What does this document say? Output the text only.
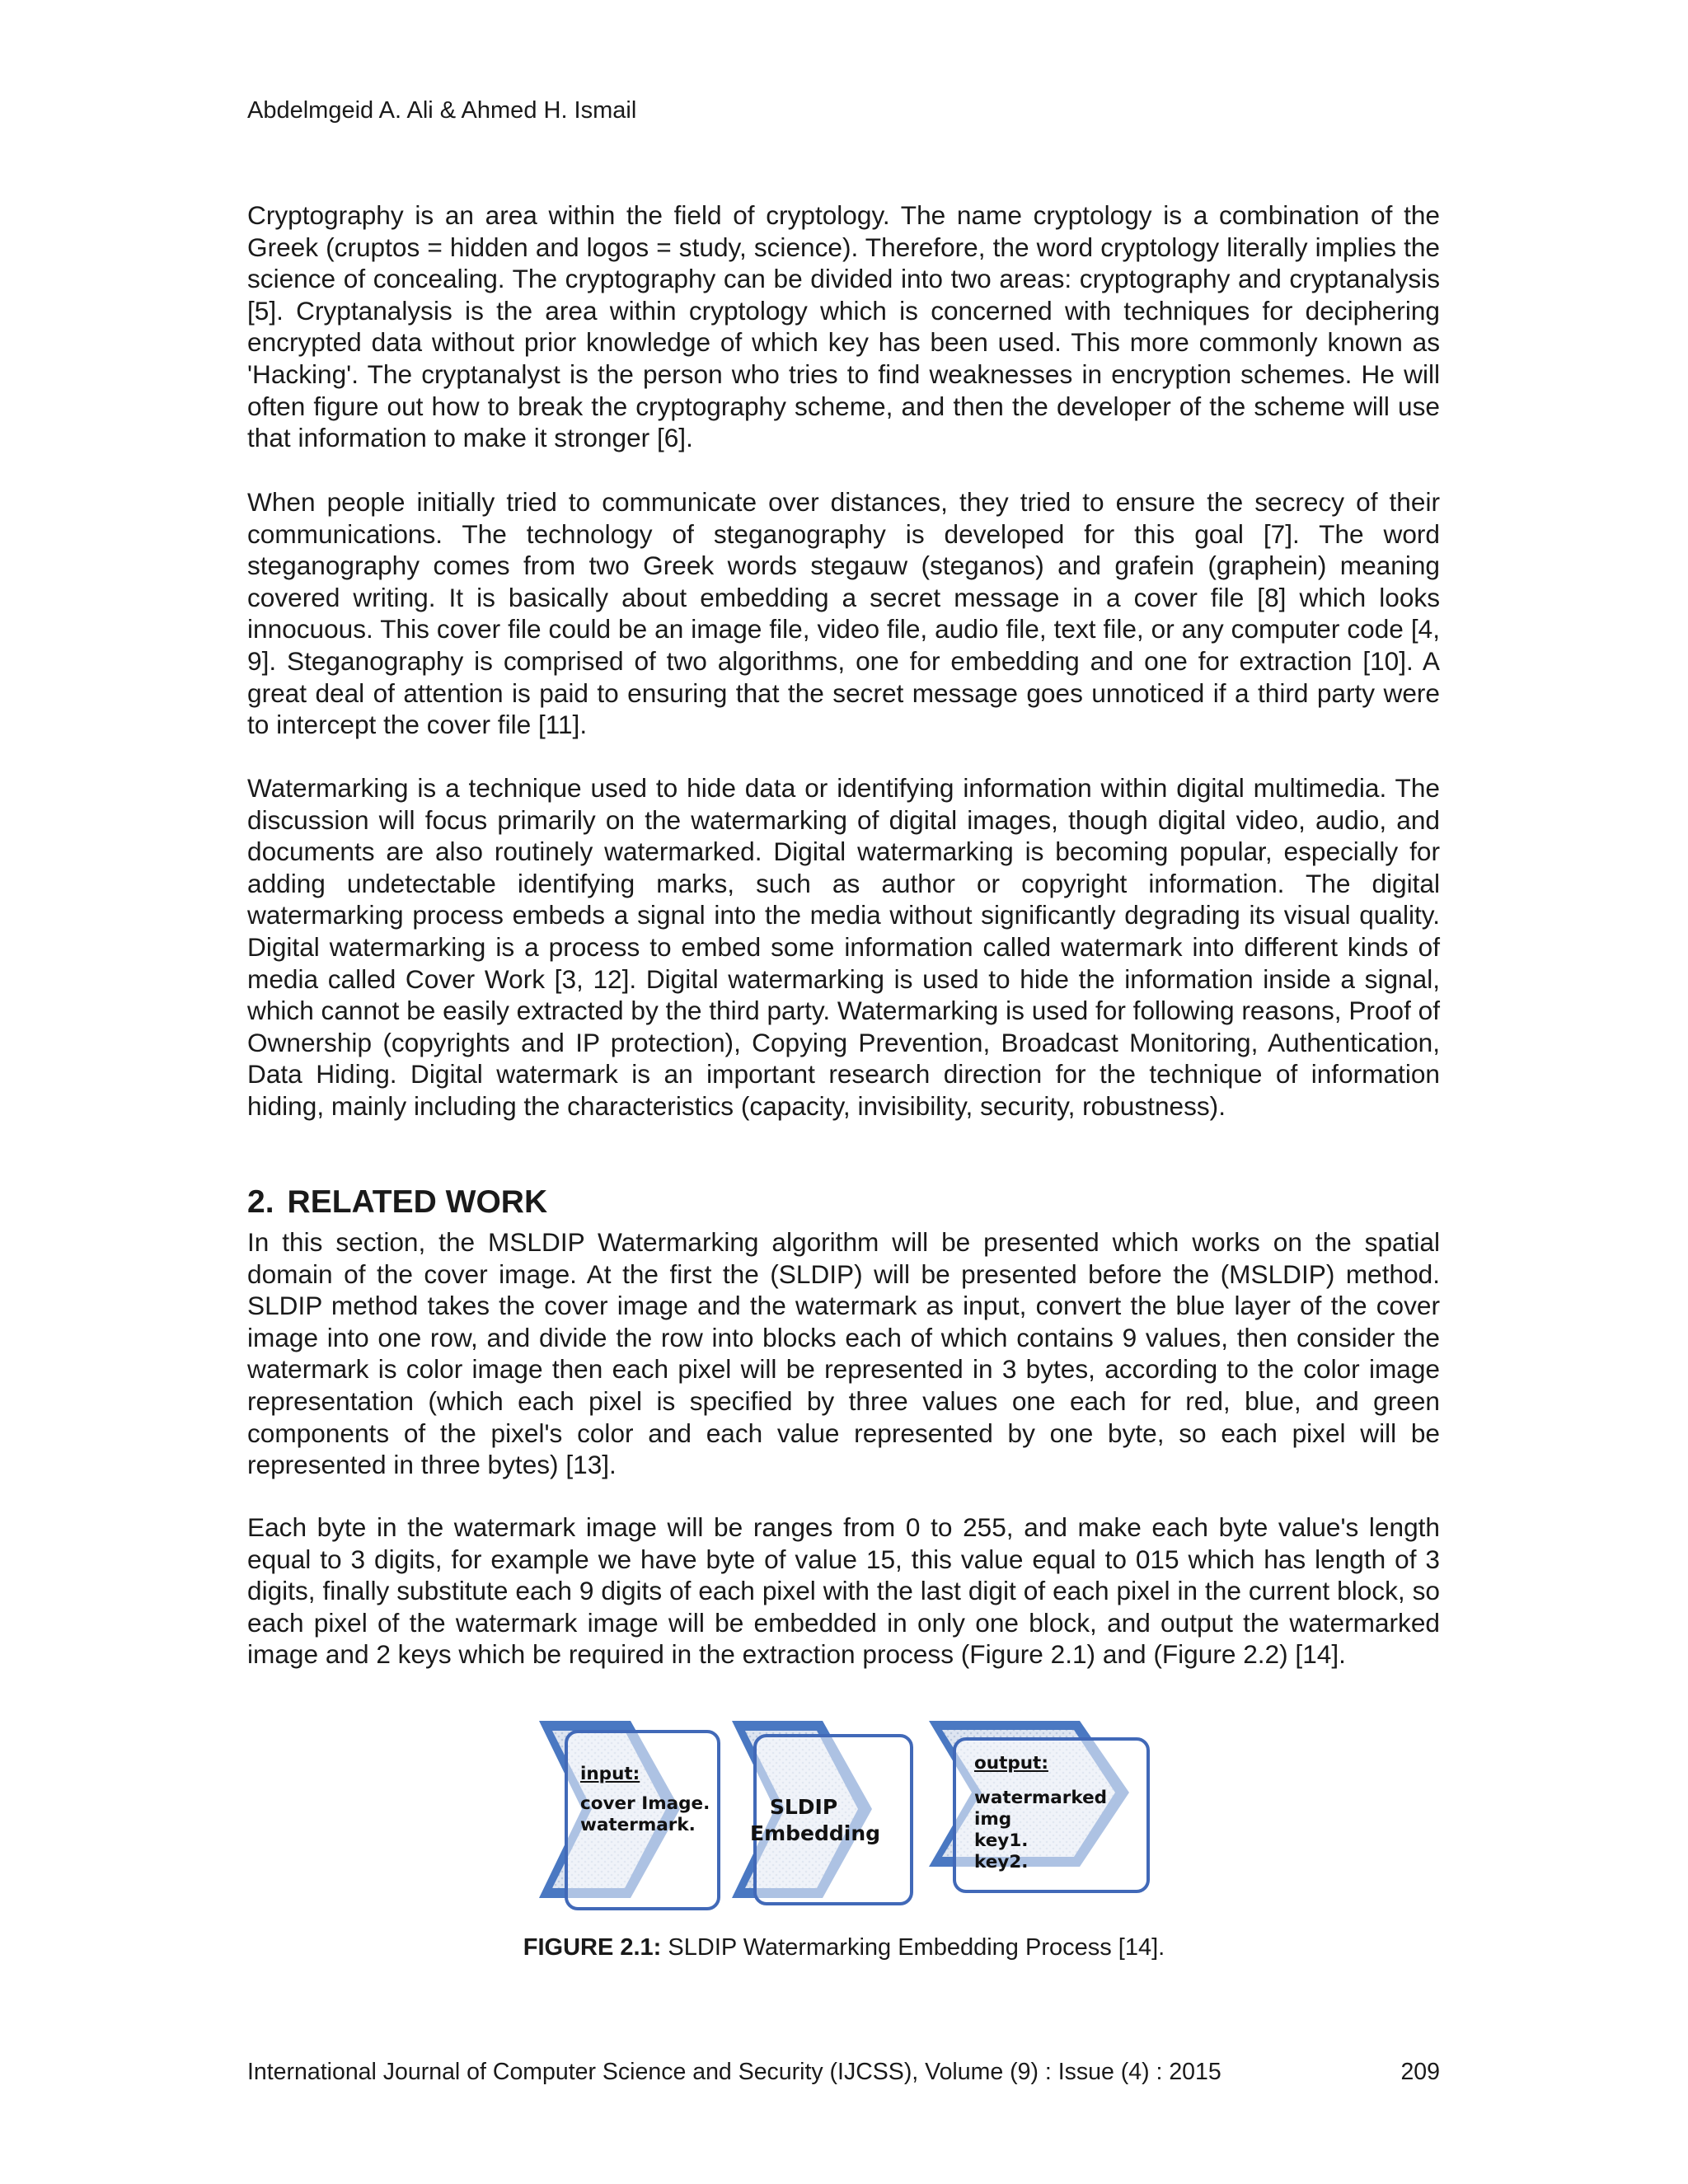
Abdelmgeid A. Ali & Ahmed H. Ismail

Cryptography is an area within the field of cryptology. The name cryptology is a combination of the Greek (cruptos = hidden and logos = study, science). Therefore, the word cryptology literally implies the science of concealing. The cryptography can be divided into two areas: cryptography and cryptanalysis [5]. Cryptanalysis is the area within cryptology which is concerned with techniques for deciphering encrypted data without prior knowledge of which key has been used. This more commonly known as 'Hacking'. The cryptanalyst is the person who tries to find weaknesses in encryption schemes. He will often figure out how to break the cryptography scheme, and then the developer of the scheme will use that information to make it stronger [6].

When people initially tried to communicate over distances, they tried to ensure the secrecy of their communications. The technology of steganography is developed for this goal [7]. The word steganography comes from two Greek words stegauw (steganos) and grafein (graphein) meaning covered writing. It is basically about embedding a secret message in a cover file [8] which looks innocuous. This cover file could be an image file, video file, audio file, text file, or any computer code [4, 9]. Steganography is comprised of two algorithms, one for embedding and one for extraction [10]. A great deal of attention is paid to ensuring that the secret message goes unnoticed if a third party were to intercept the cover file [11].

Watermarking is a technique used to hide data or identifying information within digital multimedia. The discussion will focus primarily on the watermarking of digital images, though digital video, audio, and documents are also routinely watermarked. Digital watermarking is becoming popular, especially for adding undetectable identifying marks, such as author or copyright information. The digital watermarking process embeds a signal into the media without significantly degrading its visual quality. Digital watermarking is a process to embed some information called watermark into different kinds of media called Cover Work [3, 12]. Digital watermarking is used to hide the information inside a signal, which cannot be easily extracted by the third party. Watermarking is used for following reasons, Proof of Ownership (copyrights and IP protection), Copying Prevention, Broadcast Monitoring, Authentication, Data Hiding. Digital watermark is an important research direction for the technique of information hiding, mainly including the characteristics (capacity, invisibility, security, robustness).

2. RELATED WORK

In this section, the MSLDIP Watermarking algorithm will be presented which works on the spatial domain of the cover image. At the first the (SLDIP) will be presented before the (MSLDIP) method. SLDIP method takes the cover image and the watermark as input, convert the blue layer of the cover image into one row, and divide the row into blocks each of which contains 9 values, then consider the watermark is color image then each pixel will be represented in 3 bytes, according to the color image representation (which each pixel is specified by three values one each for red, blue, and green components of the pixel's color and each value represented by one byte, so each pixel will be represented in three bytes) [13].

Each byte in the watermark image will be ranges from 0 to 255, and make each byte value's length equal to 3 digits, for example we have byte of value 15, this value equal to 015 which has length of 3 digits, finally substitute each 9 digits of each pixel with the last digit of each pixel in the current block, so each pixel of the watermark image will be embedded in only one block, and output the watermarked image and 2 keys which be required in the extraction process (Figure 2.1) and (Figure 2.2) [14].

input:
cover Image.
watermark.
SLDIP
Embedding
output:
watermarked
img
key1.
key2.
FIGURE 2.1: SLDIP Watermarking Embedding Process [14].
International Journal of Computer Science and Security (IJCSS), Volume (9) : Issue (4) : 2015	209
